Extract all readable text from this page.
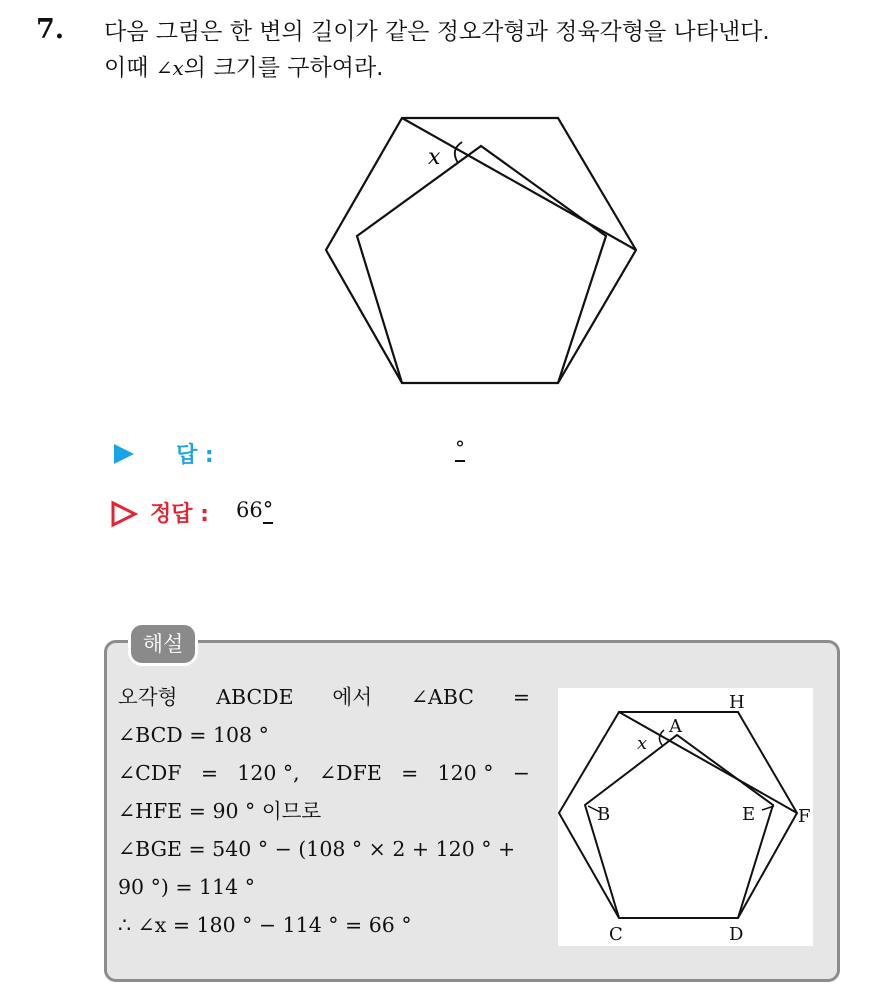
7. 다음 그림은 한 변의 길이가 같은 정오각형과 정육각형을 나타낸다.
이때 ∠x의 크기를 구하여라.
x
답 :	°
정답 : 66°
해설
오각형 ABCDE 에서 ∠ABC =
∠BCD = 108 °
∠CDF = 120 °, ∠DFE = 120 ° −
∠HFE = 90 ° 이므로
∠BGE = 540 ° − (108 ° × 2 + 120 ° +
90 °) = 114 °
∴ ∠x = 180 ° − 114 ° = 66 °
H
A
x
B	E F
C	D
